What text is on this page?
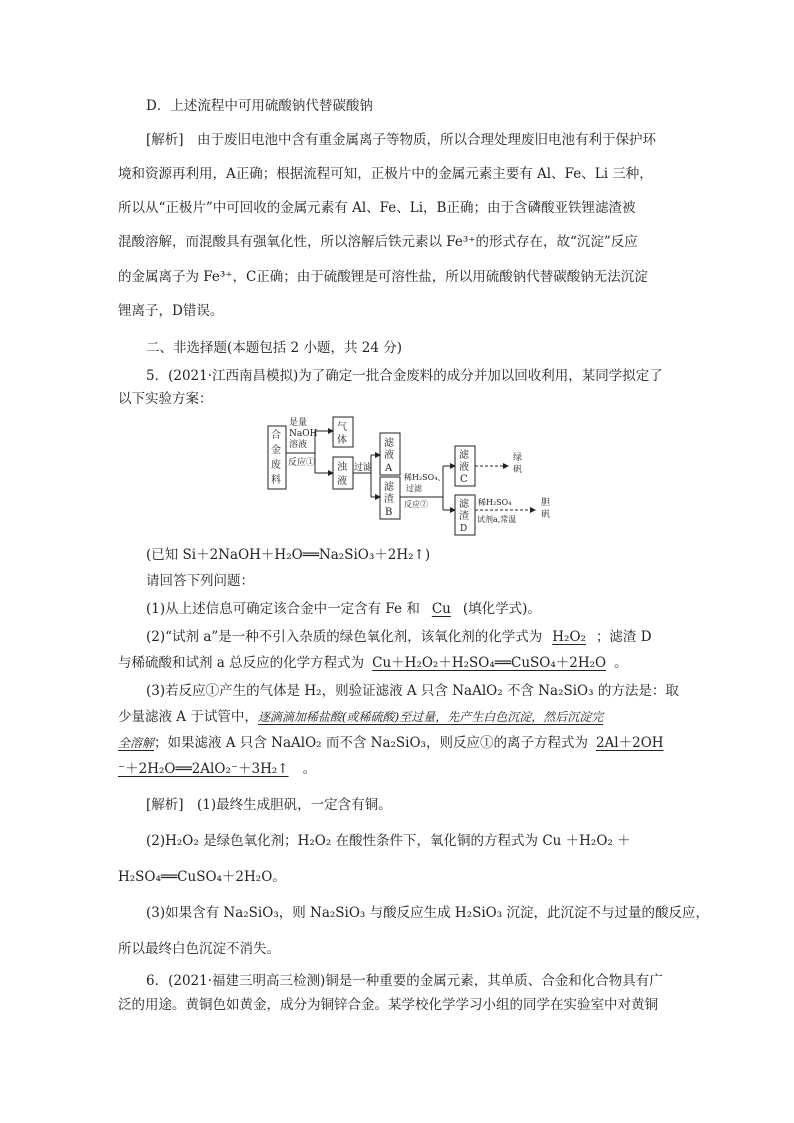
D．上述流程中可用硫酸钠代替碳酸钠
[解析]　由于废旧电池中含有重金属离子等物质，所以合理处理废旧电池有利于保护环
境和资源再利用，A正确；根据流程可知，正极片中的金属元素主要有 Al、Fe、Li 三种，
所以从“正极片”中可回收的金属元素有 Al、Fe、Li，B正确；由于含磷酸亚铁锂滤渣被
混酸溶解，而混酸具有强氧化性，所以溶解后铁元素以 Fe³⁺的形式存在，故“沉淀”反应
的金属离子为 Fe³⁺，C正确；由于硫酸锂是可溶性盐，所以用硫酸钠代替碳酸钠无法沉淀
锂离子，D错误。
二、非选择题(本题包括 2 小题，共 24 分)
5．(2021·江西南昌模拟)为了确定一批合金废料的成分并加以回收利用，某同学拟定了
以下实验方案：
合
金
废
料
气
体
浊
液
滤
液
A
滤
渣
B
滤
液
C
滤
渣
D
是量
NaOH
溶液
反应①	过滤
稀H₂SO₄、
过滤
反应②
绿
矾
稀H₂SO₄
试剂a,常温
胆
矾
(已知 Si＋2NaOH＋H₂O══Na₂SiO₃＋2H₂↑)
请回答下列问题：
(1)从上述信息可确定该合金中一定含有 Fe 和 Cu (填化学式)。
(2)“试剂 a”是一种不引入杂质的绿色氧化剂，该氧化剂的化学式为 H₂O₂ ；滤渣 D
与稀硫酸和试剂 a 总反应的化学方程式为 Cu＋H₂O₂＋H₂SO₄══CuSO₄＋2H₂O 。
(3)若反应①产生的气体是 H₂，则验证滤液 A 只含 NaAlO₂ 不含 Na₂SiO₃ 的方法是：取
少量滤液 A 于试管中，逐滴滴加稀盐酸(或稀硫酸)至过量，先产生白色沉淀，然后沉淀完
全溶解；如果滤液 A 只含 NaAlO₂ 而不含 Na₂SiO₃，则反应①的离子方程式为 2Al＋2OH
⁻＋2H₂O══2AlO₂⁻＋3H₂↑ 。
[解析]　(1)最终生成胆矾，一定含有铜。
(2)H₂O₂ 是绿色氧化剂；H₂O₂ 在酸性条件下，氧化铜的方程式为 Cu ＋H₂O₂ ＋
H₂SO₄══CuSO₄＋2H₂O。
(3)如果含有 Na₂SiO₃，则 Na₂SiO₃ 与酸反应生成 H₂SiO₃ 沉淀，此沉淀不与过量的酸反应，
所以最终白色沉淀不消失。
6．(2021·福建三明高三检测)铜是一种重要的金属元素，其单质、合金和化合物具有广
泛的用途。黄铜色如黄金，成分为铜锌合金。某学校化学学习小组的同学在实验室中对黄铜
